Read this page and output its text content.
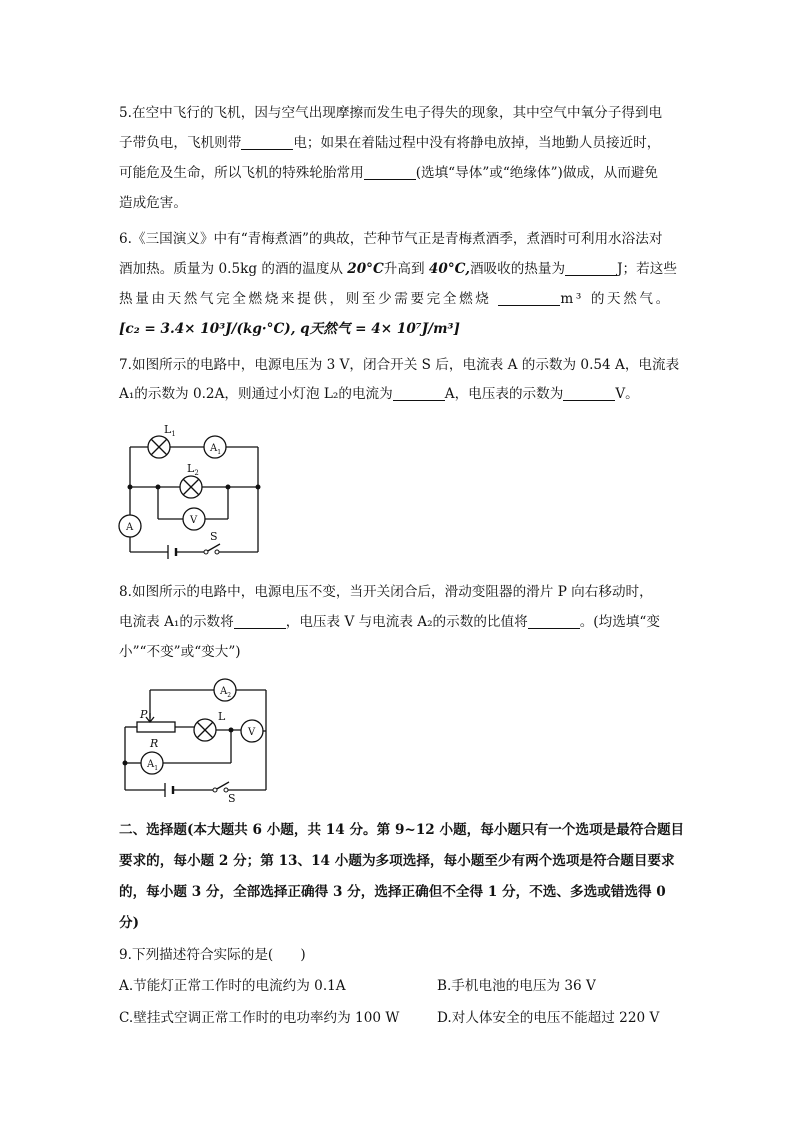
5.在空中飞行的飞机，因与空气出现摩擦而发生电子得失的现象，其中空气中氧分子得到电
子带负电，飞机则带	电；如果在着陆过程中没有将静电放掉，当地勤人员接近时，
可能危及生命，所以飞机的特殊轮胎常用	(选填“导体”或“绝缘体”)做成，从而避免
造成危害。
6.《三国演义》中有“青梅煮酒”的典故，芒种节气正是青梅煮酒季，煮酒时可利用水浴法对
酒加热。质量为 0.5kg 的酒的温度从 20°C升高到 40°C,酒吸收的热量为	J；若这些
热量由天然气完全燃烧来提供，则至少需要完全燃烧	m³ 的天然气。
[c₂ = 3.4× 10³J/(kg·°C), q天然气 = 4× 10⁷J/m³]
7.如图所示的电路中，电源电压为 3 V，闭合开关 S 后，电流表 A 的示数为 0.54 A，电流表
A₁的示数为 0.2A，则通过小灯泡 L₂的电流为	A，电压表的示数为	V。
$L_1$
$A_1$
$L_2$
V
A
S
8.如图所示的电路中，电源电压不变，当开关闭合后，滑动变阻器的滑片 P 向右移动时，
电流表 A₁的示数将	，电压表 V 与电流表 A₂的示数的比值将	。(均选填“变
小”“不变”或“变大”)
$A_2$
$A_1$
P
R
L
V
S
二、选择题(本大题共 6 小题，共 14 分。第 9~12 小题，每小题只有一个选项是最符合题目
要求的，每小题 2 分；第 13、14 小题为多项选择，每小题至少有两个选项是符合题目要求
的，每小题 3 分，全部选择正确得 3 分，选择正确但不全得 1 分，不选、多选或错选得 0
分)
9.下列描述符合实际的是(　　)
A.节能灯正常工作时的电流约为 0.1A	B.手机电池的电压为 36 V
C.壁挂式空调正常工作时的电功率约为 100 W	D.对人体安全的电压不能超过 220 V
